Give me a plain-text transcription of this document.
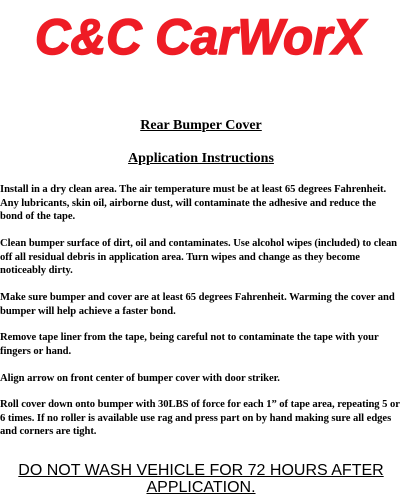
C&C CarWorX
Rear Bumper Cover
Application Instructions
Install in a dry clean area. The air temperature must be at least 65 degrees Fahrenheit. Any lubricants, skin oil, airborne dust, will contaminate the adhesive and reduce the bond of the tape.
Clean bumper surface of dirt, oil and contaminates. Use alcohol wipes (included) to clean off all residual debris in application area. Turn wipes and change as they become noticeably dirty.
Make sure bumper and cover are at least 65 degrees Fahrenheit. Warming the cover and bumper will help achieve a faster bond.
Remove tape liner from the tape, being careful not to contaminate the tape with your fingers or hand.
Align arrow on front center of bumper cover with door striker.
Roll cover down onto bumper with 30LBS of force for each 1” of tape area, repeating 5 or 6 times. If no roller is available use rag and press part on by hand making sure all edges and corners are tight.
DO NOT WASH VEHICLE FOR 72 HOURS AFTER APPLICATION.
